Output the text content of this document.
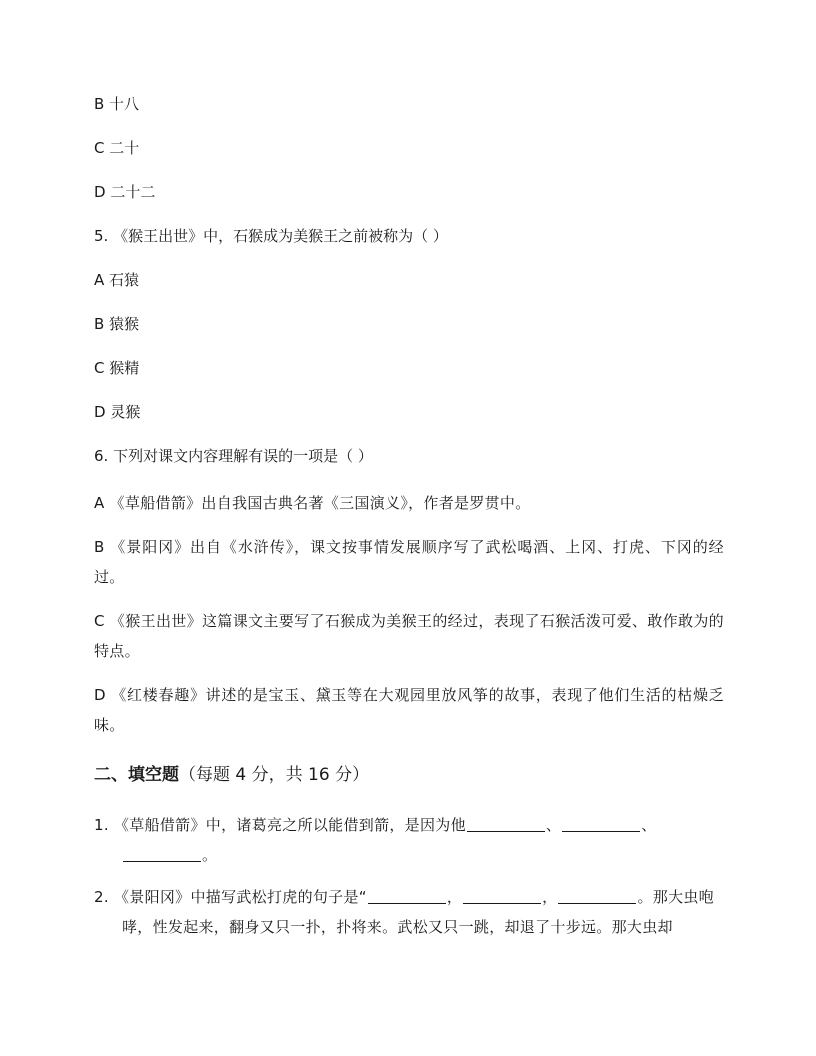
B 十八

C 二十

D 二十二

5. 《猴王出世》中，石猴成为美猴王之前被称为（ ）

A 石猿

B 猿猴

C 猴精

D 灵猴

6. 下列对课文内容理解有误的一项是（ ）

A 《草船借箭》出自我国古典名著《三国演义》，作者是罗贯中。

B 《景阳冈》出自《水浒传》，课文按事情发展顺序写了武松喝酒、上冈、打虎、下冈的经过。

C 《猴王出世》这篇课文主要写了石猴成为美猴王的经过，表现了石猴活泼可爱、敢作敢为的特点。

D 《红楼春趣》讲述的是宝玉、黛玉等在大观园里放风筝的故事，表现了他们生活的枯燥乏味。

二、填空题（每题 4 分，共 16 分）

1. 《草船借箭》中，诸葛亮之所以能借到箭，是因为他	、	、。

2. 《景阳冈》中描写武松打虎的句子是“	，	，	。那大虫咆哮，性发起来，翻身又只一扑，扑将来。武松又只一跳，却退了十步远。那大虫却
